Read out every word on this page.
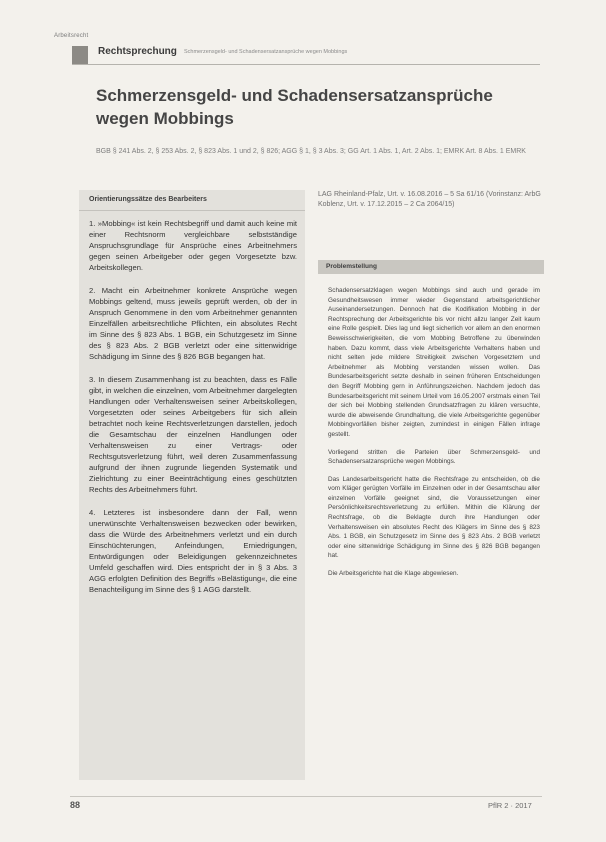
Arbeitsrecht
Rechtsprechung Schmerzensgeld- und Schadensersatzansprüche wegen Mobbings
Schmerzensgeld- und Schadensersatzansprüche wegen Mobbings
BGB § 241 Abs. 2, § 253 Abs. 2, § 823 Abs. 1 und 2, § 826; AGG § 1, § 3 Abs. 3; GG Art. 1 Abs. 1, Art. 2 Abs. 1; EMRK Art. 8 Abs. 1 EMRK
Orientierungssätze des Bearbeiters

1. »Mobbing« ist kein Rechtsbegriff und damit auch keine mit einer Rechtsnorm vergleichbare selbstständige Anspruchsgrundlage für Ansprüche eines Arbeitnehmers gegen seinen Arbeitgeber oder gegen Vorgesetzte bzw. Arbeitskollegen.

2. Macht ein Arbeitnehmer konkrete Ansprüche wegen Mobbings geltend, muss jeweils geprüft werden, ob der in Anspruch Genommene in den vom Arbeitnehmer genannten Einzelfällen arbeitsrechtliche Pflichten, ein absolutes Recht im Sinne des § 823 Abs. 1 BGB, ein Schutzgesetz im Sinne des § 823 Abs. 2 BGB verletzt oder eine sittenwidrige Schädigung im Sinne des § 826 BGB begangen hat.

3. In diesem Zusammenhang ist zu beachten, dass es Fälle gibt, in welchen die einzelnen, vom Arbeitnehmer dargelegten Handlungen oder Verhaltensweisen seiner Arbeitskollegen, Vorgesetzten oder seines Arbeitgebers für sich allein betrachtet noch keine Rechtsverletzungen darstellen, jedoch die Gesamtschau der einzelnen Handlungen oder Verhaltensweisen zu einer Vertrags- oder Rechtsgutsverletzung führt, weil deren Zusammenfassung aufgrund der ihnen zugrunde liegenden Systematik und Zielrichtung zu einer Beeinträchtigung eines geschützten Rechts des Arbeitnehmers führt.

4. Letzteres ist insbesondere dann der Fall, wenn unerwünschte Verhaltensweisen bezwecken oder bewirken, dass die Würde des Arbeitnehmers verletzt und ein durch Einschüchterungen, Anfeindungen, Erniedrigungen, Entwürdigungen oder Beleidigungen gekennzeichnetes Umfeld geschaffen wird. Dies entspricht der in § 3 Abs. 3 AGG erfolgten Definition des Begriffs »Belästigung«, die eine Benachteiligung im Sinne des § 1 AGG darstellt.

LAG Rheinland-Pfalz, Urt. v. 16.08.2016 – 5 Sa 61/16 (Vorinstanz: ArbG Koblenz, Urt. v. 17.12.2015 – 2 Ca 2064/15)
Problemstellung

Schadensersatzklagen wegen Mobbings sind auch und gerade im Gesundheitswesen immer wieder Gegenstand arbeitsgerichtlicher Auseinandersetzungen. Dennoch hat die Kodifikation Mobbing in der Rechtsprechung der Arbeitsgerichte bis vor nicht allzu langer Zeit kaum eine Rolle gespielt. Dies lag und liegt sicherlich vor allem an den enormen Beweisschwierigkeiten, die vom Mobbing Betroffene zu überwinden haben. Dazu kommt, dass viele Arbeitsgerichte Verhaltens haben und nicht selten jede mildere Streitigkeit zwischen Vorgesetztem und Arbeitnehmer als Mobbing verstanden wissen wollen. Das Bundesarbeitsgericht setzte deshalb in seinen früheren Entscheidungen den Begriff Mobbing gern in Anführungszeichen. Nachdem jedoch das Bundesarbeitsgericht mit seinem Urteil vom 16.05.2007 erstmals einen Teil der sich bei Mobbing stellenden Grundsatzfragen zu klären versuchte, wurde die abweisende Grundhaltung, die viele Arbeitsgerichte gegenüber Mobbingvorfällen bisher zeigten, zumindest in einigen Fällen infrage gestellt.

Vorliegend stritten die Parteien über Schmerzensgeld- und Schadensersatzansprüche wegen Mobbings.

Das Landesarbeitsgericht hatte die Rechtsfrage zu entscheiden, ob die vom Kläger gerügten Vorfälle im Einzelnen oder in der Gesamtschau aller einzelnen Vorfälle geeignet sind, die Voraussetzungen einer Persönlichkeitsrechtsverletzung zu erfüllen. Mithin die Klärung der Rechtsfrage, ob die Beklagte durch ihre Handlungen oder Verhaltensweisen ein absolutes Recht des Klägers im Sinne des § 823 Abs. 1 BGB, ein Schutzgesetz im Sinne des § 823 Abs. 2 BGB verletzt oder eine sittenwidrige Schädigung im Sinne des § 826 BGB begangen hat.

Die Arbeitsgerichte hat die Klage abgewiesen.

88	PflR 2 · 2017
